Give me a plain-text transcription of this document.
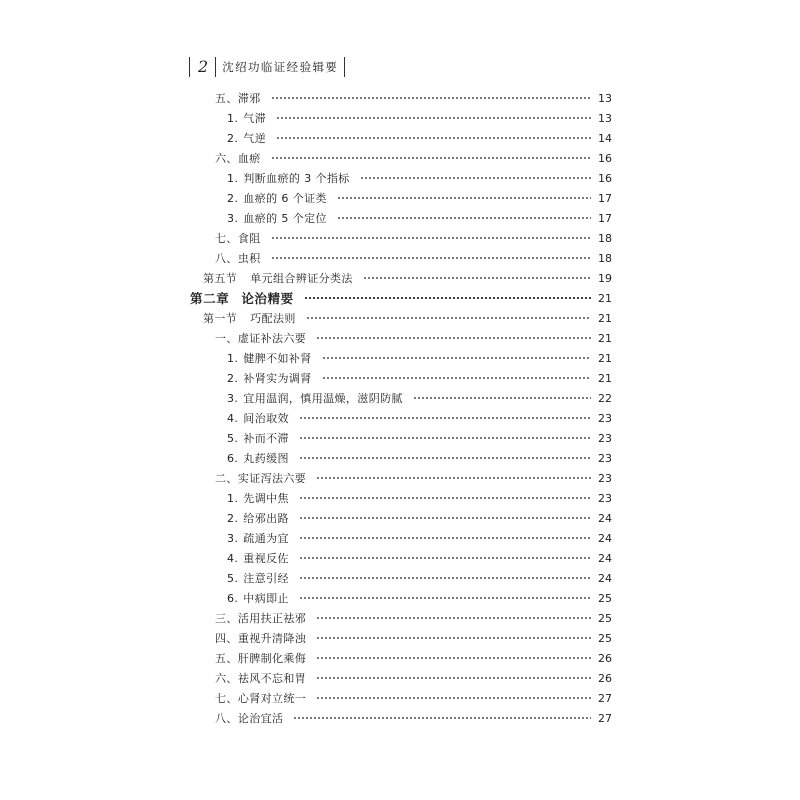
2	沈绍功临证经验辑要
五、 滞邪	13
1. 气滞	13
2. 气逆	14
六、 血瘀	16
1. 判断血瘀的 3 个指标	16
2. 血瘀的 6 个证类	17
3. 血瘀的 5 个定位	17
七、 食阻	18
八、 虫积	18
第五节 单元组合辨证分类法	19
第二章 论治精要	21
第一节 巧配法则	21
一、 虚证补法六要	21
1. 健脾不如补肾	21
2. 补肾实为调肾	21
3. 宜用温润，慎用温燥，滋阴防腻	22
4. 间治取效	23
5. 补而不滞	23
6. 丸药缓图	23
二、 实证泻法六要	23
1. 先调中焦	23
2. 给邪出路	24
3. 疏通为宜	24
4. 重视反佐	24
5. 注意引经	24
6. 中病即止	25
三、 活用扶正祛邪	25
四、 重视升清降浊	25
五、 肝脾制化乘侮	26
六、 祛风不忘和胃	26
七、 心肾对立统一	27
八、 论治宜活	27
